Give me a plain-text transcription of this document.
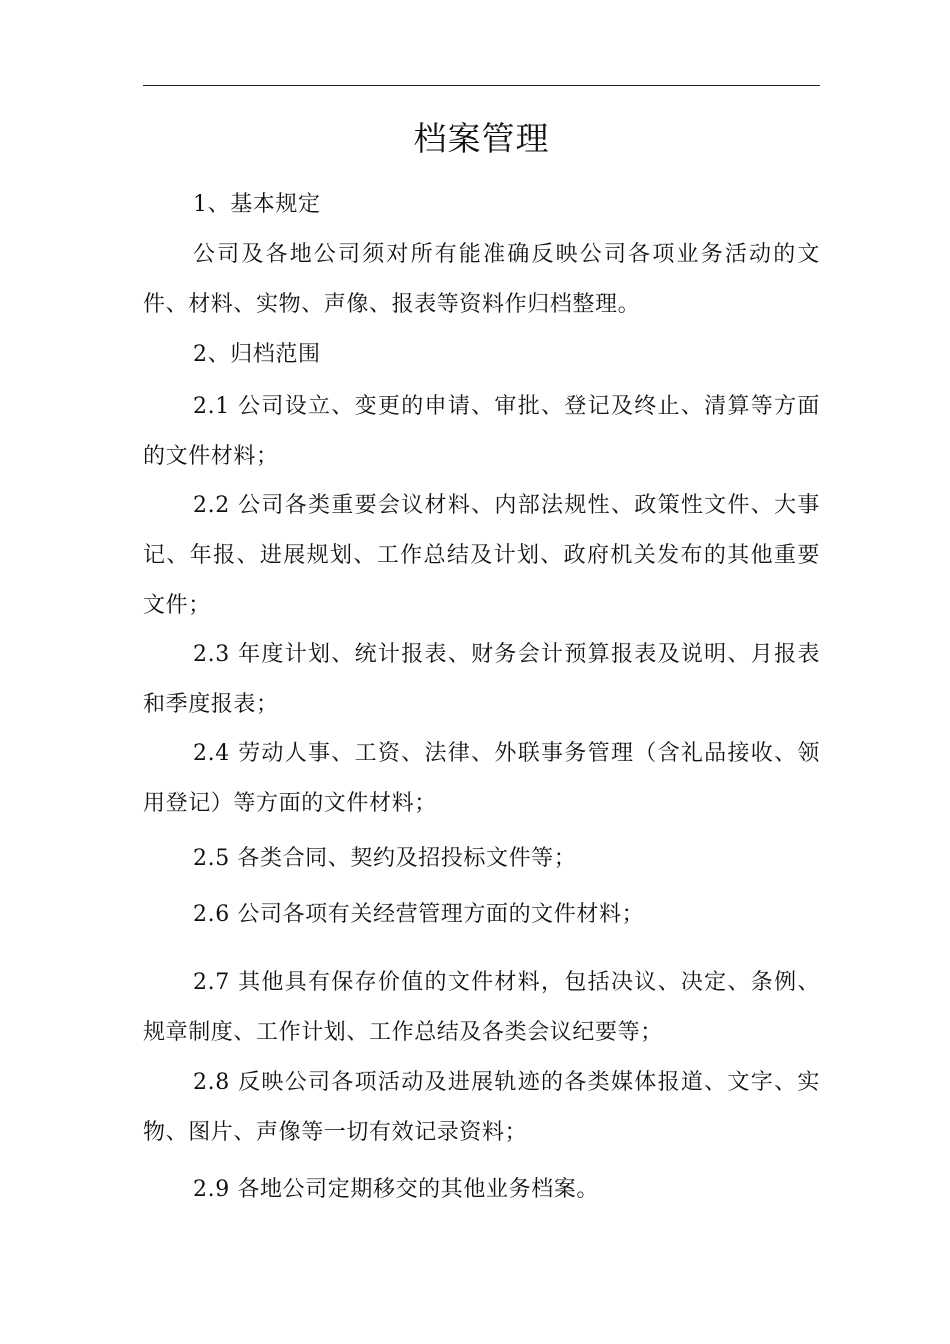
档案管理

1、基本规定

公司及各地公司须对所有能准确反映公司各项业务活动的文件、材料、实物、声像、报表等资料作归档整理。

2、归档范围

2.1 公司设立、变更的申请、审批、登记及终止、清算等方面的文件材料；

2.2 公司各类重要会议材料、内部法规性、政策性文件、大事记、年报、进展规划、工作总结及计划、政府机关发布的其他重要文件；

2.3 年度计划、统计报表、财务会计预算报表及说明、月报表和季度报表；

2.4 劳动人事、工资、法律、外联事务管理（含礼品接收、领用登记）等方面的文件材料；

2.5 各类合同、契约及招投标文件等；

2.6 公司各项有关经营管理方面的文件材料；

2.7 其他具有保存价值的文件材料，包括决议、决定、条例、规章制度、工作计划、工作总结及各类会议纪要等；

2.8 反映公司各项活动及进展轨迹的各类媒体报道、文字、实物、图片、声像等一切有效记录资料；

2.9 各地公司定期移交的其他业务档案。
